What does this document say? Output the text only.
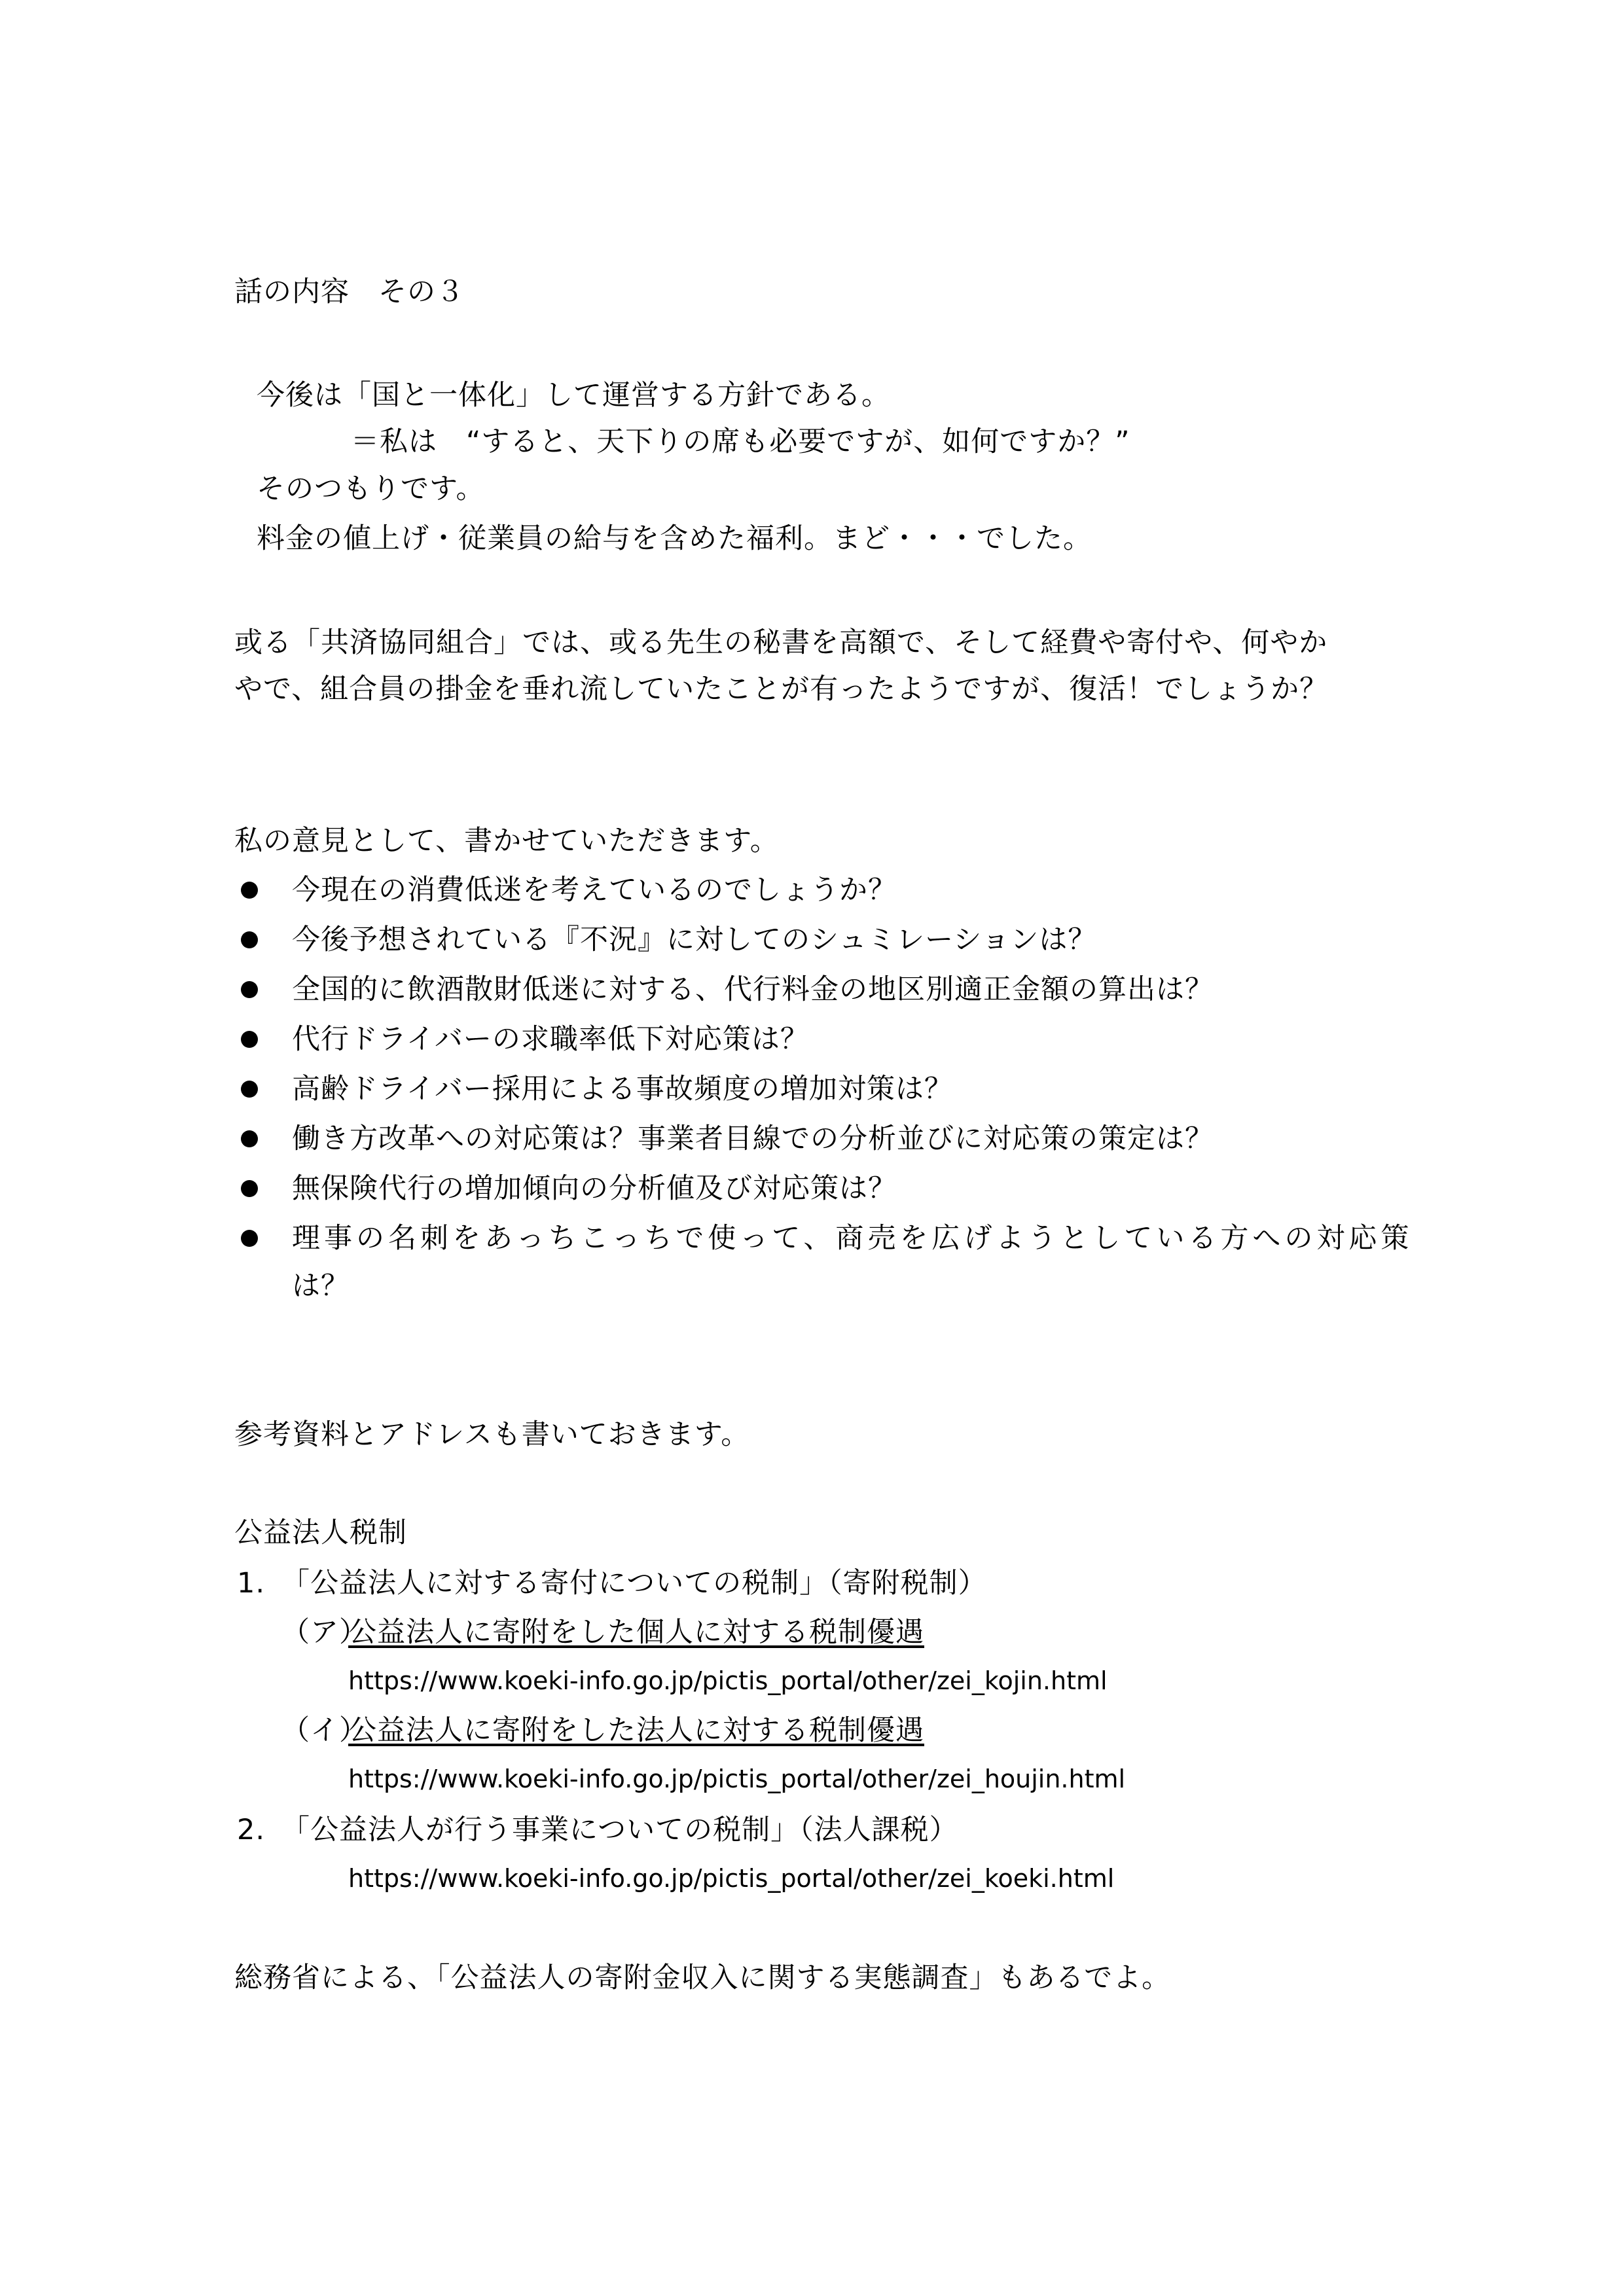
話の内容　その３
今後は「国と一体化」して運営する方針である。
＝私は　“すると、天下りの席も必要ですが、如何ですか？”
そのつもりです。
料金の値上げ・従業員の給与を含めた福利。まど・・・でした。
或る「共済協同組合」では、或る先生の秘書を高額で、そして経費や寄付や、何やか
やで、組合員の掛金を垂れ流していたことが有ったようですが、復活！でしょうか？
私の意見として、書かせていただきます。
今現在の消費低迷を考えているのでしょうか？
今後予想されている『不況』に対してのシュミレーションは？
全国的に飲酒散財低迷に対する、代行料金の地区別適正金額の算出は？
代行ドライバーの求職率低下対応策は？
高齢ドライバー採用による事故頻度の増加対策は？
働き方改革への対応策は？事業者目線での分析並びに対応策の策定は？
無保険代行の増加傾向の分析値及び対応策は？
理事の名刺をあっちこっちで使って、商売を広げようとしている方への対応策
は？
参考資料とアドレスも書いておきます。
公益法人税制
1. 「公益法人に対する寄付についての税制」（寄附税制）
（ア）
公益法人に寄附をした個人に対する税制優遇
https://www.koeki-info.go.jp/pictis_portal/other/zei_kojin.html
（イ）
公益法人に寄附をした法人に対する税制優遇
https://www.koeki-info.go.jp/pictis_portal/other/zei_houjin.html
2. 「公益法人が行う事業についての税制」（法人課税）
https://www.koeki-info.go.jp/pictis_portal/other/zei_koeki.html
総務省による、「公益法人の寄附金収入に関する実態調査」もあるでよ。
